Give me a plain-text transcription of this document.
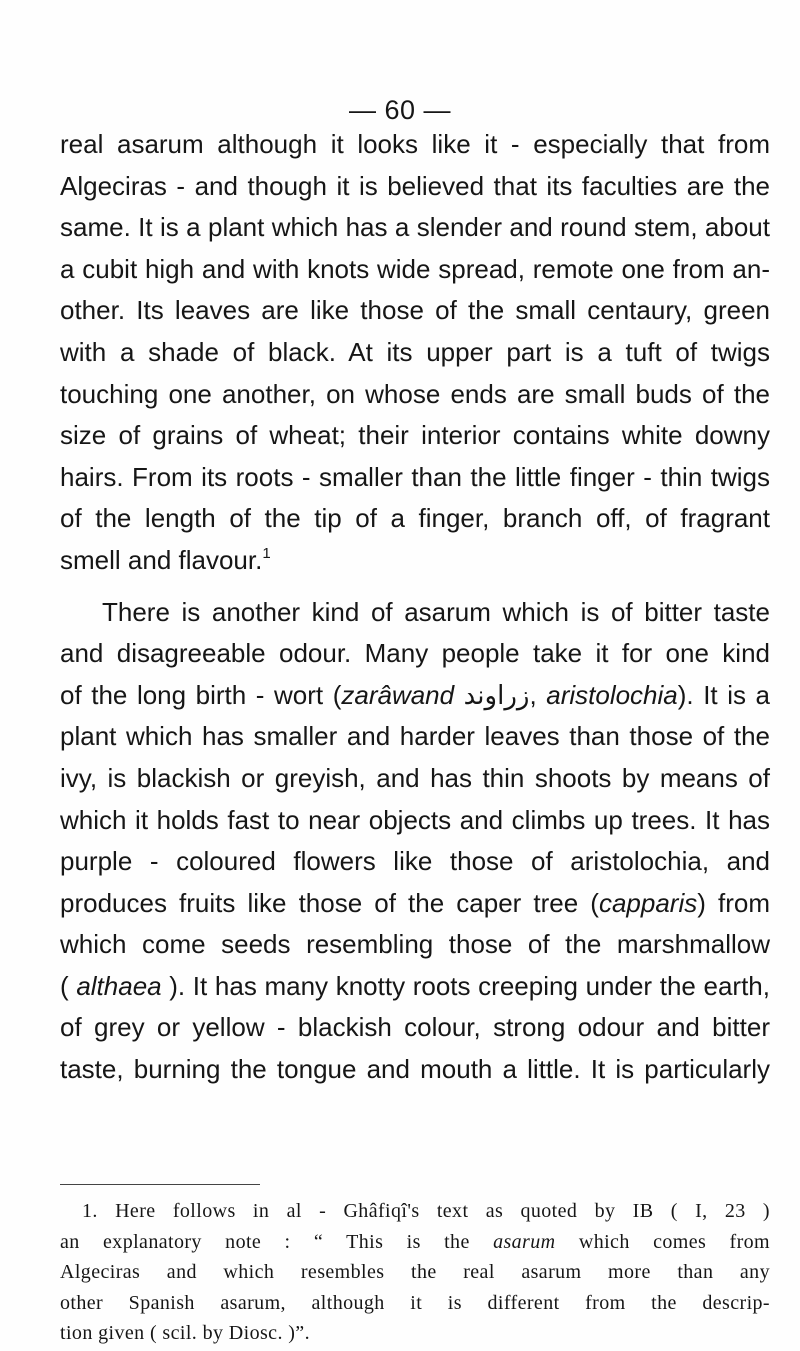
— 60 —
real asarum although it looks like it - especially that from
Algeciras - and though it is believed that its faculties are the
same. It is a plant which has a slender and round stem, about
a cubit high and with knots wide spread, remote one from an-
other. Its leaves are like those of the small centaury, green
with a shade of black. At its upper part is a tuft of twigs
touching one another, on whose ends are small buds of the
size of grains of wheat; their interior contains white downy
hairs. From its roots - smaller than the little finger - thin twigs
of the length of the tip of a finger, branch off, of fragrant
smell and flavour.$^1$
There is another kind of asarum which is of bitter taste
and disagreeable odour. Many people take it for one kind
of the long birth - wort (zarâwand زراوند, aristolochia). It is a
plant which has smaller and harder leaves than those of the
ivy, is blackish or greyish, and has thin shoots by means of
which it holds fast to near objects and climbs up trees. It has
purple - coloured flowers like those of aristolochia, and
produces fruits like those of the caper tree (capparis) from
which come seeds resembling those of the marshmallow
( althaea ). It has many knotty roots creeping under the earth,
of grey or yellow - blackish colour, strong odour and bitter
taste, burning the tongue and mouth a little. It is particularly
1. Here follows in al - Ghâfiqî's text as quoted by IB ( I, 23 )
an explanatory note : “ This is the asarum which comes from
Algeciras and which resembles the real asarum more than any
other Spanish asarum, although it is different from the descrip-
tion given ( scil. by Diosc. )”.
